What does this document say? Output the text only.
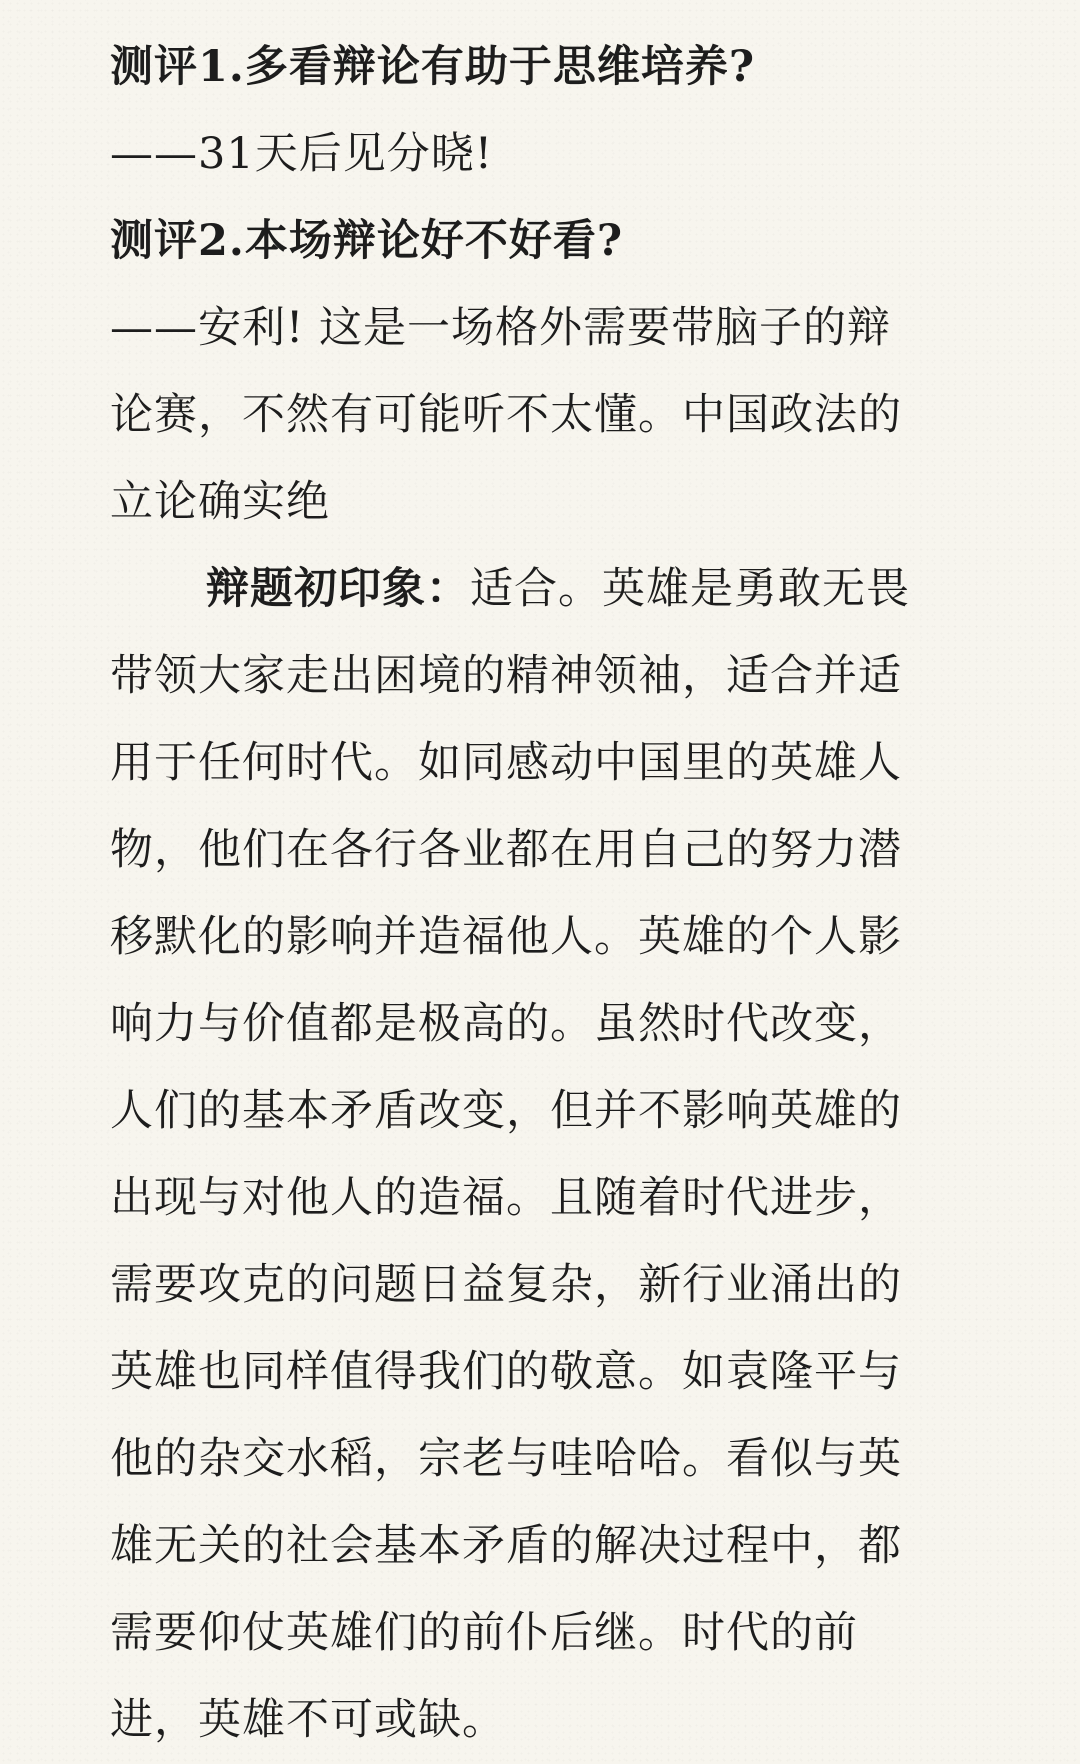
测评1.多看辩论有助于思维培养?

——31天后见分晓!

测评2.本场辩论好不好看?

——安利! 这是一场格外需要带脑子的辩

论赛，不然有可能听不太懂。中国政法的

立论确实绝

辩题初印象：适合。英雄是勇敢无畏
带领大家走出困境的精神领袖，适合并适
用于任何时代。如同感动中国里的英雄人
物，他们在各行各业都在用自己的努力潜
移默化的影响并造福他人。英雄的个人影
响力与价值都是极高的。虽然时代改变，
人们的基本矛盾改变，但并不影响英雄的
出现与对他人的造福。且随着时代进步，
需要攻克的问题日益复杂，新行业涌出的
英雄也同样值得我们的敬意。如袁隆平与
他的杂交水稻，宗老与哇哈哈。看似与英
雄无关的社会基本矛盾的解决过程中，都
需要仰仗英雄们的前仆后继。时代的前
进，英雄不可或缺。
